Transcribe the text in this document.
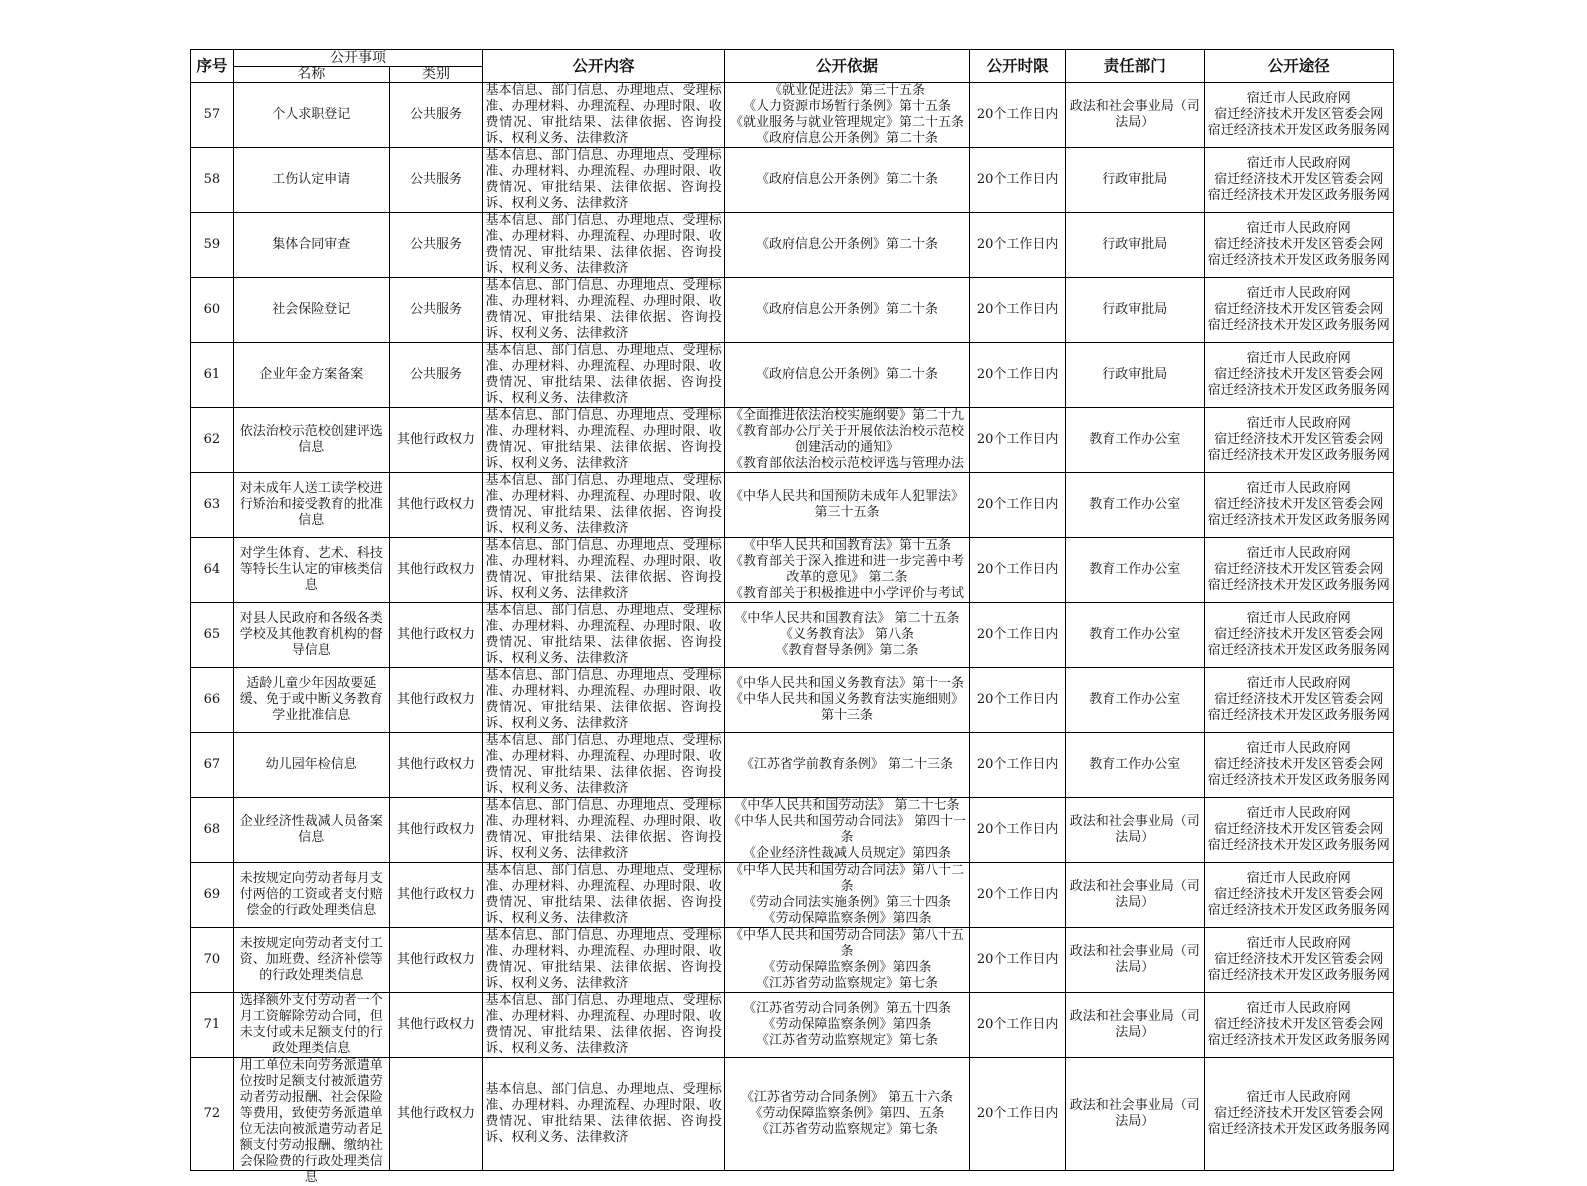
序号	公开事项		公开内容	公开依据	公开时限	责任部门	公开途径
	名称	类别					

57	个人求职登记	公共服务	基本信息、部门信息、办理地点、受理标准、办理材料、办理流程、办理时限、收费情况、审批结果、法律依据、咨询投诉、权利义务、法律救济	《就业促进法》第三十五条
《人力资源市场暂行条例》第十五条
《就业服务与就业管理规定》第二十五条
《政府信息公开条例》第二十条	20个工作日内	政法和社会事业局（司法局）	宿迁市人民政府网
宿迁经济技术开发区管委会网
宿迁经济技术开发区政务服务网

58	工伤认定申请	公共服务	基本信息、部门信息、办理地点、受理标准、办理材料、办理流程、办理时限、收费情况、审批结果、法律依据、咨询投诉、权利义务、法律救济	《政府信息公开条例》第二十条	20个工作日内	行政审批局	宿迁市人民政府网
宿迁经济技术开发区管委会网
宿迁经济技术开发区政务服务网

59	集体合同审查	公共服务	基本信息、部门信息、办理地点、受理标准、办理材料、办理流程、办理时限、收费情况、审批结果、法律依据、咨询投诉、权利义务、法律救济	《政府信息公开条例》第二十条	20个工作日内	行政审批局	宿迁市人民政府网
宿迁经济技术开发区管委会网
宿迁经济技术开发区政务服务网

60	社会保险登记	公共服务	基本信息、部门信息、办理地点、受理标准、办理材料、办理流程、办理时限、收费情况、审批结果、法律依据、咨询投诉、权利义务、法律救济	《政府信息公开条例》第二十条	20个工作日内	行政审批局	宿迁市人民政府网
宿迁经济技术开发区管委会网
宿迁经济技术开发区政务服务网

61	企业年金方案备案	公共服务	基本信息、部门信息、办理地点、受理标准、办理材料、办理流程、办理时限、收费情况、审批结果、法律依据、咨询投诉、权利义务、法律救济	《政府信息公开条例》第二十条	20个工作日内	行政审批局	宿迁市人民政府网
宿迁经济技术开发区管委会网
宿迁经济技术开发区政务服务网

62	依法治校示范校创建评选信息	其他行政权力	基本信息、部门信息、办理地点、受理标准、办理材料、办理流程、办理时限、收费情况、审批结果、法律依据、咨询投诉、权利义务、法律救济	《全面推进依法治校实施纲要》第二十九
《教育部办公厅关于开展依法治校示范校创建活动的通知》
《教育部依法治校示范校评选与管理办法	20个工作日内	教育工作办公室	宿迁市人民政府网
宿迁经济技术开发区管委会网
宿迁经济技术开发区政务服务网

63	对未成年人送工读学校进行矫治和接受教育的批准信息	其他行政权力	基本信息、部门信息、办理地点、受理标准、办理材料、办理流程、办理时限、收费情况、审批结果、法律依据、咨询投诉、权利义务、法律救济	《中华人民共和国预防未成年人犯罪法》第三十五条	20个工作日内	教育工作办公室	宿迁市人民政府网
宿迁经济技术开发区管委会网
宿迁经济技术开发区政务服务网

64	对学生体育、艺术、科技等特长生认定的审核类信息	其他行政权力	基本信息、部门信息、办理地点、受理标准、办理材料、办理流程、办理时限、收费情况、审批结果、法律依据、咨询投诉、权利义务、法律救济	《中华人民共和国教育法》第十五条
《教育部关于深入推进和进一步完善中考改革的意见》 第二条
《教育部关于积极推进中小学评价与考试	20个工作日内	教育工作办公室	宿迁市人民政府网
宿迁经济技术开发区管委会网
宿迁经济技术开发区政务服务网

65	对县人民政府和各级各类学校及其他教育机构的督导信息	其他行政权力	基本信息、部门信息、办理地点、受理标准、办理材料、办理流程、办理时限、收费情况、审批结果、法律依据、咨询投诉、权利义务、法律救济	《中华人民共和国教育法》 第二十五条
《义务教育法》 第八条
《教育督导条例》第二条	20个工作日内	教育工作办公室	宿迁市人民政府网
宿迁经济技术开发区管委会网
宿迁经济技术开发区政务服务网

66	适龄儿童少年因故要延缓、免于或中断义务教育学业批准信息	其他行政权力	基本信息、部门信息、办理地点、受理标准、办理材料、办理流程、办理时限、收费情况、审批结果、法律依据、咨询投诉、权利义务、法律救济	《中华人民共和国义务教育法》第十一条
《中华人民共和国义务教育法实施细则》第十三条	20个工作日内	教育工作办公室	宿迁市人民政府网
宿迁经济技术开发区管委会网
宿迁经济技术开发区政务服务网

67	幼儿园年检信息	其他行政权力	基本信息、部门信息、办理地点、受理标准、办理材料、办理流程、办理时限、收费情况、审批结果、法律依据、咨询投诉、权利义务、法律救济	《江苏省学前教育条例》 第二十三条	20个工作日内	教育工作办公室	宿迁市人民政府网
宿迁经济技术开发区管委会网
宿迁经济技术开发区政务服务网

68	企业经济性裁减人员备案信息	其他行政权力	基本信息、部门信息、办理地点、受理标准、办理材料、办理流程、办理时限、收费情况、审批结果、法律依据、咨询投诉、权利义务、法律救济	《中华人民共和国劳动法》 第二十七条
《中华人民共和国劳动合同法》 第四十一条
《企业经济性裁减人员规定》第四条	20个工作日内	政法和社会事业局（司法局）	宿迁市人民政府网
宿迁经济技术开发区管委会网
宿迁经济技术开发区政务服务网

69	未按规定向劳动者每月支付两倍的工资或者支付赔偿金的行政处理类信息	其他行政权力	基本信息、部门信息、办理地点、受理标准、办理材料、办理流程、办理时限、收费情况、审批结果、法律依据、咨询投诉、权利义务、法律救济	《中华人民共和国劳动合同法》第八十二条
《劳动合同法实施条例》第三十四条
《劳动保障监察条例》第四条	20个工作日内	政法和社会事业局（司法局）	宿迁市人民政府网
宿迁经济技术开发区管委会网
宿迁经济技术开发区政务服务网

70	未按规定向劳动者支付工资、加班费、经济补偿等的行政处理类信息	其他行政权力	基本信息、部门信息、办理地点、受理标准、办理材料、办理流程、办理时限、收费情况、审批结果、法律依据、咨询投诉、权利义务、法律救济	《中华人民共和国劳动合同法》第八十五条
《劳动保障监察条例》第四条
《江苏省劳动监察规定》第七条	20个工作日内	政法和社会事业局（司法局）	宿迁市人民政府网
宿迁经济技术开发区管委会网
宿迁经济技术开发区政务服务网

71	选择额外支付劳动者一个月工资解除劳动合同，但未支付或未足额支付的行政处理类信息	其他行政权力	基本信息、部门信息、办理地点、受理标准、办理材料、办理流程、办理时限、收费情况、审批结果、法律依据、咨询投诉、权利义务、法律救济	《江苏省劳动合同条例》第五十四条
《劳动保障监察条例》第四条
《江苏省劳动监察规定》第七条	20个工作日内	政法和社会事业局（司法局）	宿迁市人民政府网
宿迁经济技术开发区管委会网
宿迁经济技术开发区政务服务网

72	用工单位未向劳务派遣单位按时足额支付被派遣劳动者劳动报酬、社会保险等费用，致使劳务派遣单位无法向被派遣劳动者足额支付劳动报酬、缴纳社会保险费的行政处理类信息	其他行政权力	基本信息、部门信息、办理地点、受理标准、办理材料、办理流程、办理时限、收费情况、审批结果、法律依据、咨询投诉、权利义务、法律救济	《江苏省劳动合同条例》 第五十六条
《劳动保障监察条例》第四、五条
《江苏省劳动监察规定》第七条	20个工作日内	政法和社会事业局（司法局）	宿迁市人民政府网
宿迁经济技术开发区管委会网
宿迁经济技术开发区政务服务网
